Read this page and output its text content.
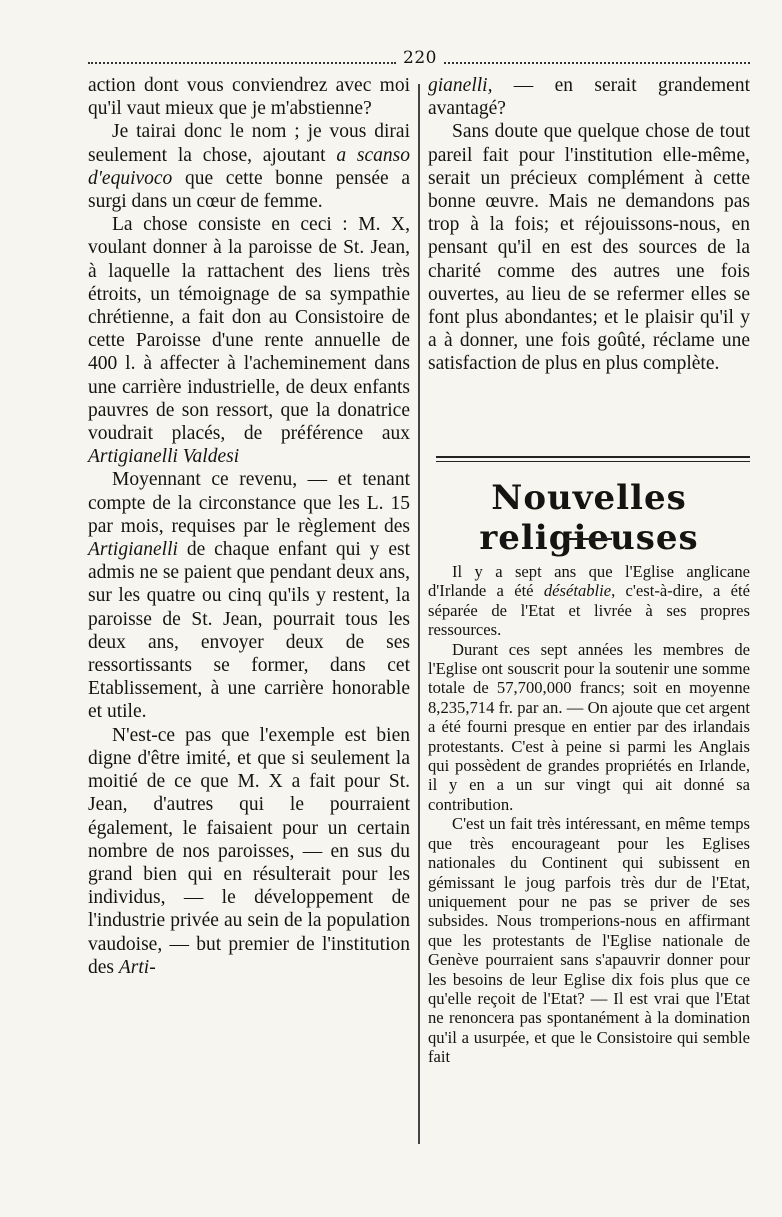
220

action dont vous conviendrez avec moi qu'il vaut mieux que je m'abstienne?

Je tairai donc le nom ; je vous dirai seulement la chose, ajoutant a scanso d'equivoco que cette bonne pensée a surgi dans un cœur de femme.

La chose consiste en ceci : M. X, voulant donner à la paroisse de St. Jean, à laquelle la rattachent des liens très étroits, un témoignage de sa sympathie chrétienne, a fait don au Consistoire de cette Paroisse d'une rente annuelle de 400 l. à affecter à l'acheminement dans une carrière industrielle, de deux enfants pauvres de son ressort, que la donatrice voudrait placés, de préférence aux Artigianelli Valdesi

Moyennant ce revenu, — et tenant compte de la circonstance que les L. 15 par mois, requises par le règlement des Artigianelli de chaque enfant qui y est admis ne se paient que pendant deux ans, sur les quatre ou cinq qu'ils y restent, la paroisse de St. Jean, pourrait tous les deux ans, envoyer deux de ses ressortissants se former, dans cet Etablissement, à une carrière honorable et utile.

N'est-ce pas que l'exemple est bien digne d'être imité, et que si seulement la moitié de ce que M. X a fait pour St. Jean, d'autres qui le pourraient également, le faisaient pour un certain nombre de nos paroisses, — en sus du grand bien qui en résulterait pour les individus, — le développement de l'industrie privée au sein de la population vaudoise, — but premier de l'institution des Arti-

gianelli, — en serait grandement avantagé?

Sans doute que quelque chose de tout pareil fait pour l'institution elle-même, serait un précieux complément à cette bonne œuvre. Mais ne demandons pas trop à la fois; et réjouissons-nous, en pensant qu'il en est des sources de la charité comme des autres une fois ouvertes, au lieu de se refermer elles se font plus abondantes; et le plaisir qu'il y a à donner, une fois goûté, réclame une satisfaction de plus en plus complète.

Nouvelles religieuses

Il y a sept ans que l'Eglise anglicane d'Irlande a été désétablie, c'est-à-dire, a été séparée de l'Etat et livrée à ses propres ressources.

Durant ces sept années les membres de l'Eglise ont souscrit pour la soutenir une somme totale de 57,700,000 francs; soit en moyenne 8,235,714 fr. par an. — On ajoute que cet argent a été fourni presque en entier par des irlandais protestants. C'est à peine si parmi les Anglais qui possèdent de grandes propriétés en Irlande, il y en a un sur vingt qui ait donné sa contribution.

C'est un fait très intéressant, en même temps que très encourageant pour les Eglises nationales du Continent qui subissent en gémissant le joug parfois très dur de l'Etat, uniquement pour ne pas se priver de ses subsides. Nous tromperions-nous en affirmant que les protestants de l'Eglise nationale de Genève pourraient sans s'apauvrir donner pour les besoins de leur Eglise dix fois plus que ce qu'elle reçoit de l'Etat? — Il est vrai que l'Etat ne renoncera pas spontanément à la domination qu'il a usurpée, et que le Consistoire qui semble fait
